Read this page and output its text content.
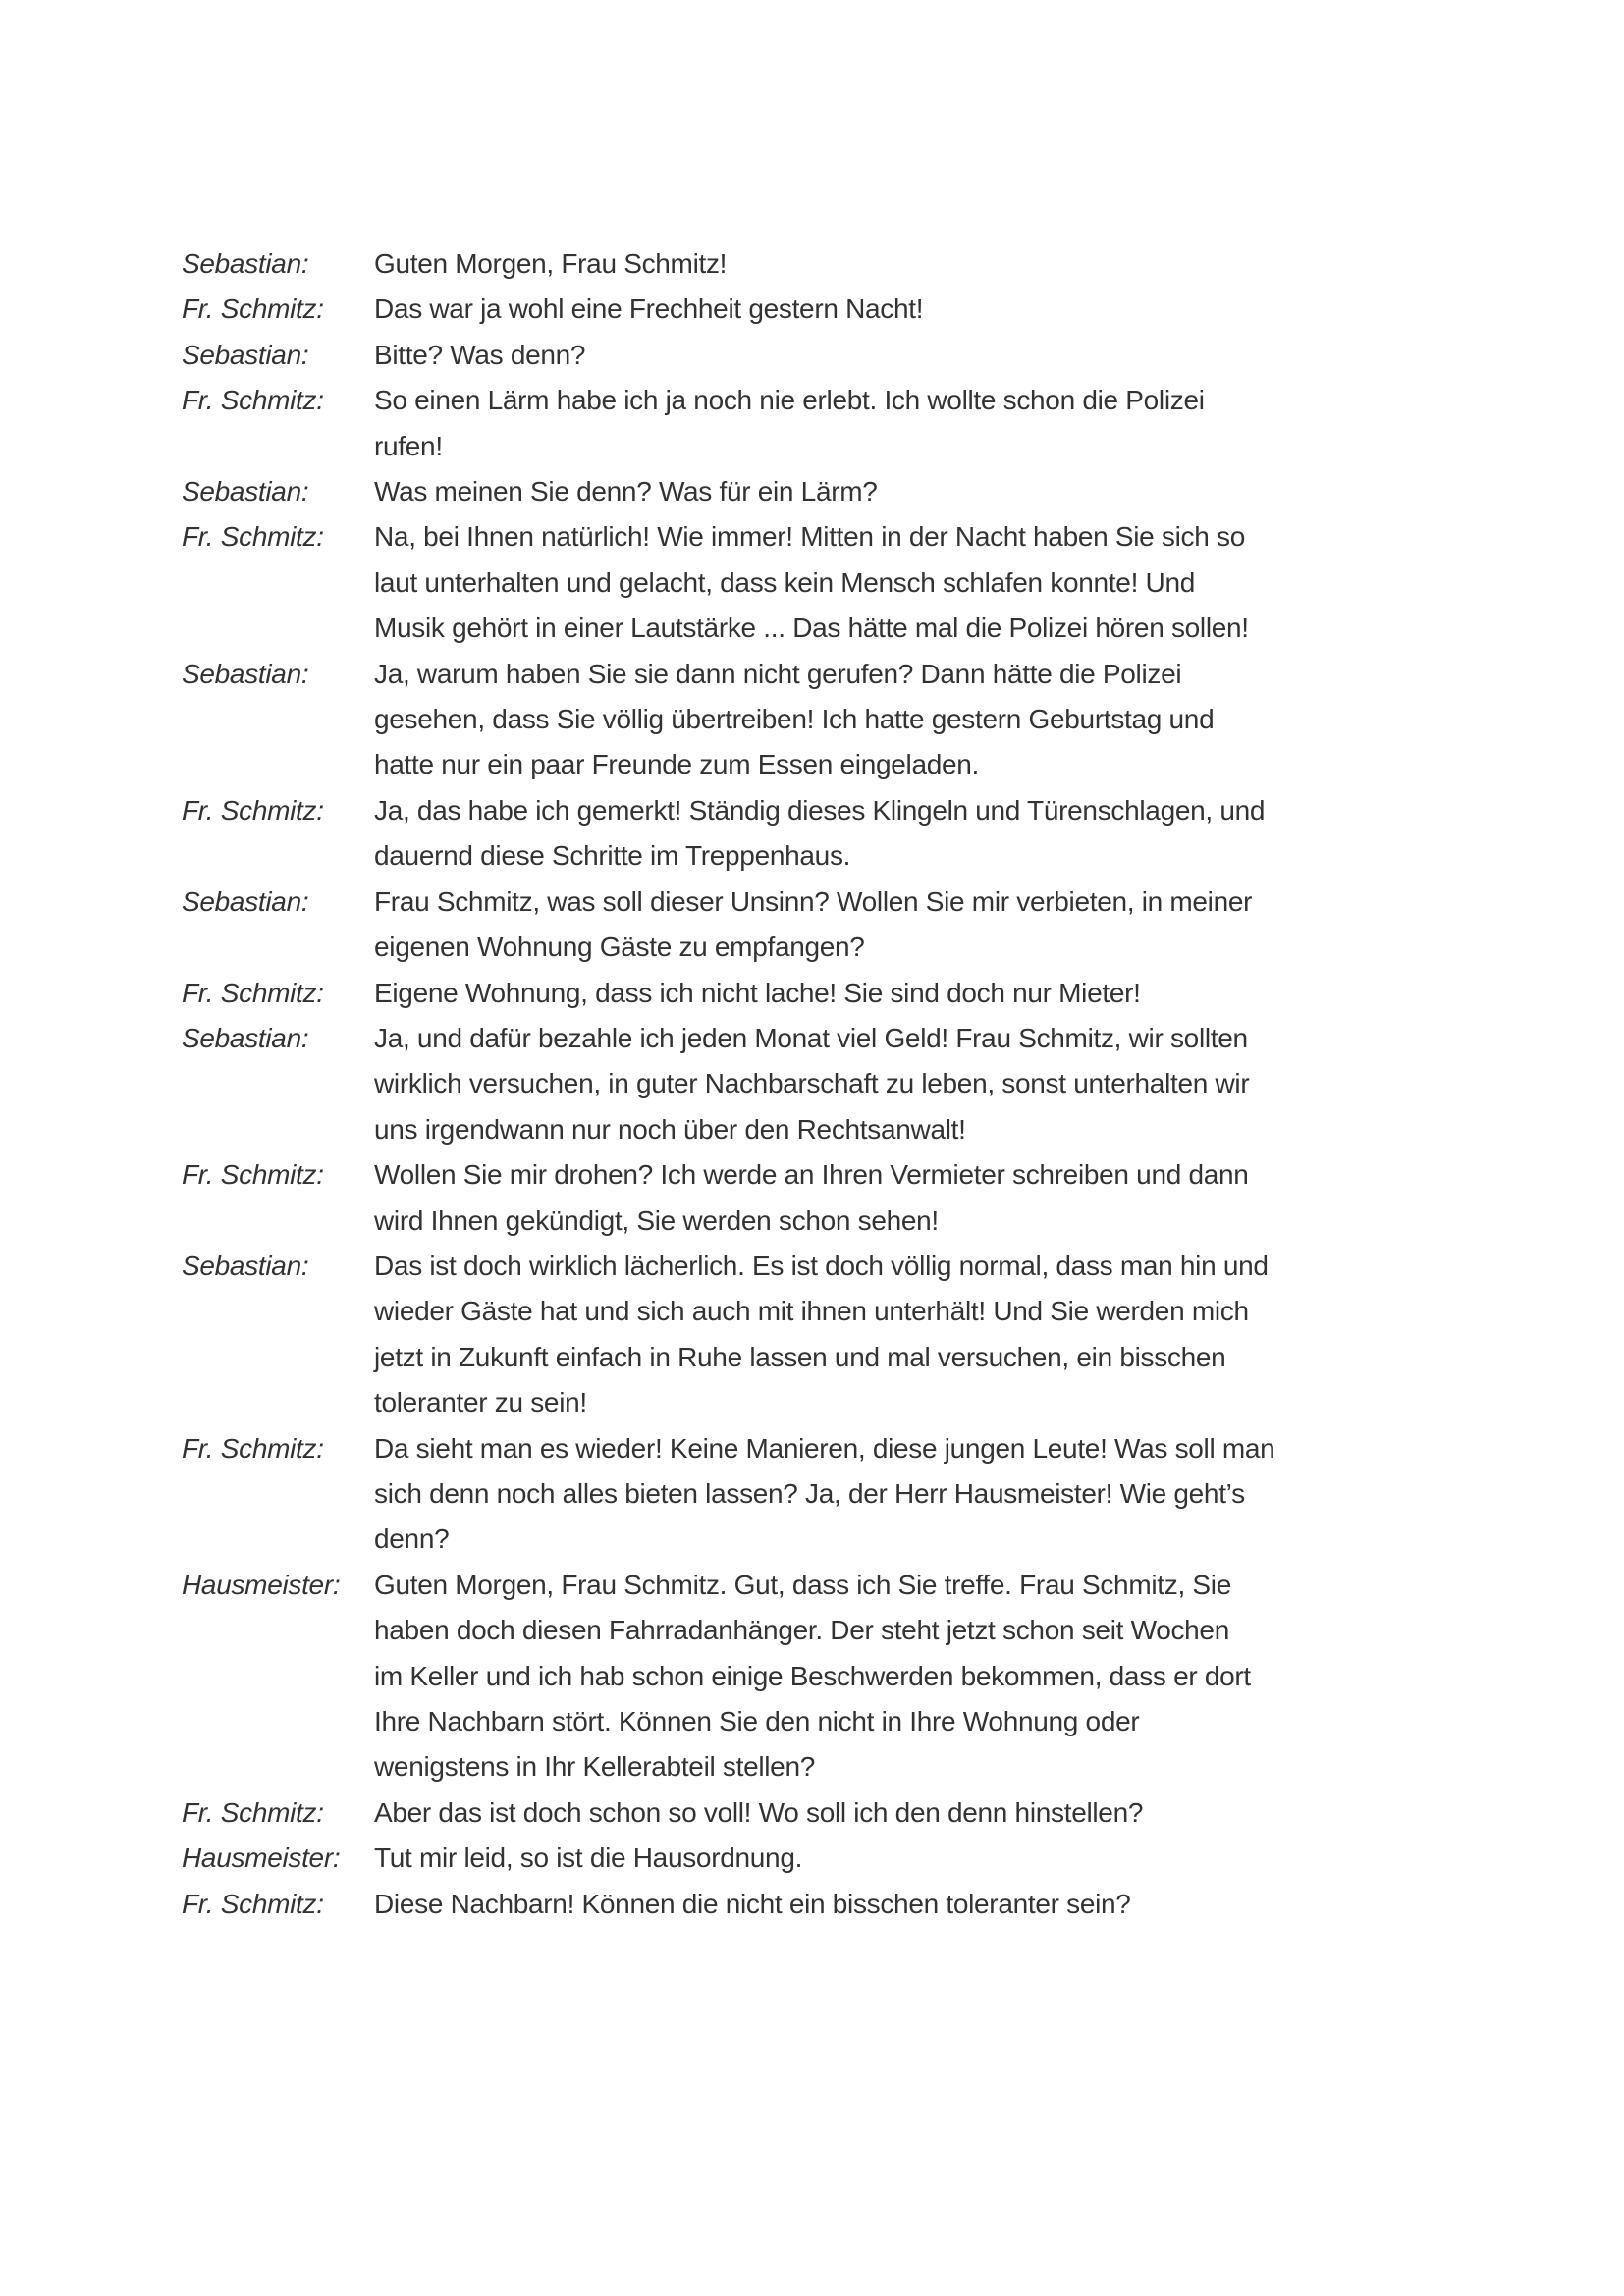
Sebastian:	Guten Morgen, Frau Schmitz!
Fr. Schmitz:	Das war ja wohl eine Frechheit gestern Nacht!
Sebastian:	Bitte? Was denn?
Fr. Schmitz:	So einen Lärm habe ich ja noch nie erlebt. Ich wollte schon die Polizei
rufen!
Sebastian:	Was meinen Sie denn? Was für ein Lärm?
Fr. Schmitz:	Na, bei Ihnen natürlich! Wie immer! Mitten in der Nacht haben Sie sich so
laut unterhalten und gelacht, dass kein Mensch schlafen konnte! Und
Musik gehört in einer Lautstärke ... Das hätte mal die Polizei hören sollen!
Sebastian:	Ja, warum haben Sie sie dann nicht gerufen? Dann hätte die Polizei
gesehen, dass Sie völlig übertreiben! Ich hatte gestern Geburtstag und
hatte nur ein paar Freunde zum Essen eingeladen.
Fr. Schmitz:	Ja, das habe ich gemerkt! Ständig dieses Klingeln und Türenschlagen, und
dauernd diese Schritte im Treppenhaus.
Sebastian:	Frau Schmitz, was soll dieser Unsinn? Wollen Sie mir verbieten, in meiner
eigenen Wohnung Gäste zu empfangen?
Fr. Schmitz:	Eigene Wohnung, dass ich nicht lache! Sie sind doch nur Mieter!
Sebastian:	Ja, und dafür bezahle ich jeden Monat viel Geld! Frau Schmitz, wir sollten
wirklich versuchen, in guter Nachbarschaft zu leben, sonst unterhalten wir
uns irgendwann nur noch über den Rechtsanwalt!
Fr. Schmitz:	Wollen Sie mir drohen? Ich werde an Ihren Vermieter schreiben und dann
wird Ihnen gekündigt, Sie werden schon sehen!
Sebastian:	Das ist doch wirklich lächerlich. Es ist doch völlig normal, dass man hin und
wieder Gäste hat und sich auch mit ihnen unterhält! Und Sie werden mich
jetzt in Zukunft einfach in Ruhe lassen und mal versuchen, ein bisschen
toleranter zu sein!
Fr. Schmitz:	Da sieht man es wieder! Keine Manieren, diese jungen Leute! Was soll man
sich denn noch alles bieten lassen? Ja, der Herr Hausmeister! Wie geht’s
denn?
Hausmeister:	Guten Morgen, Frau Schmitz. Gut, dass ich Sie treffe. Frau Schmitz, Sie
haben doch diesen Fahrradanhänger. Der steht jetzt schon seit Wochen
im Keller und ich hab schon einige Beschwerden bekommen, dass er dort
Ihre Nachbarn stört. Können Sie den nicht in Ihre Wohnung oder
wenigstens in Ihr Kellerabteil stellen?
Fr. Schmitz:	Aber das ist doch schon so voll! Wo soll ich den denn hinstellen?
Hausmeister:	Tut mir leid, so ist die Hausordnung.
Fr. Schmitz:	Diese Nachbarn! Können die nicht ein bisschen toleranter sein?
